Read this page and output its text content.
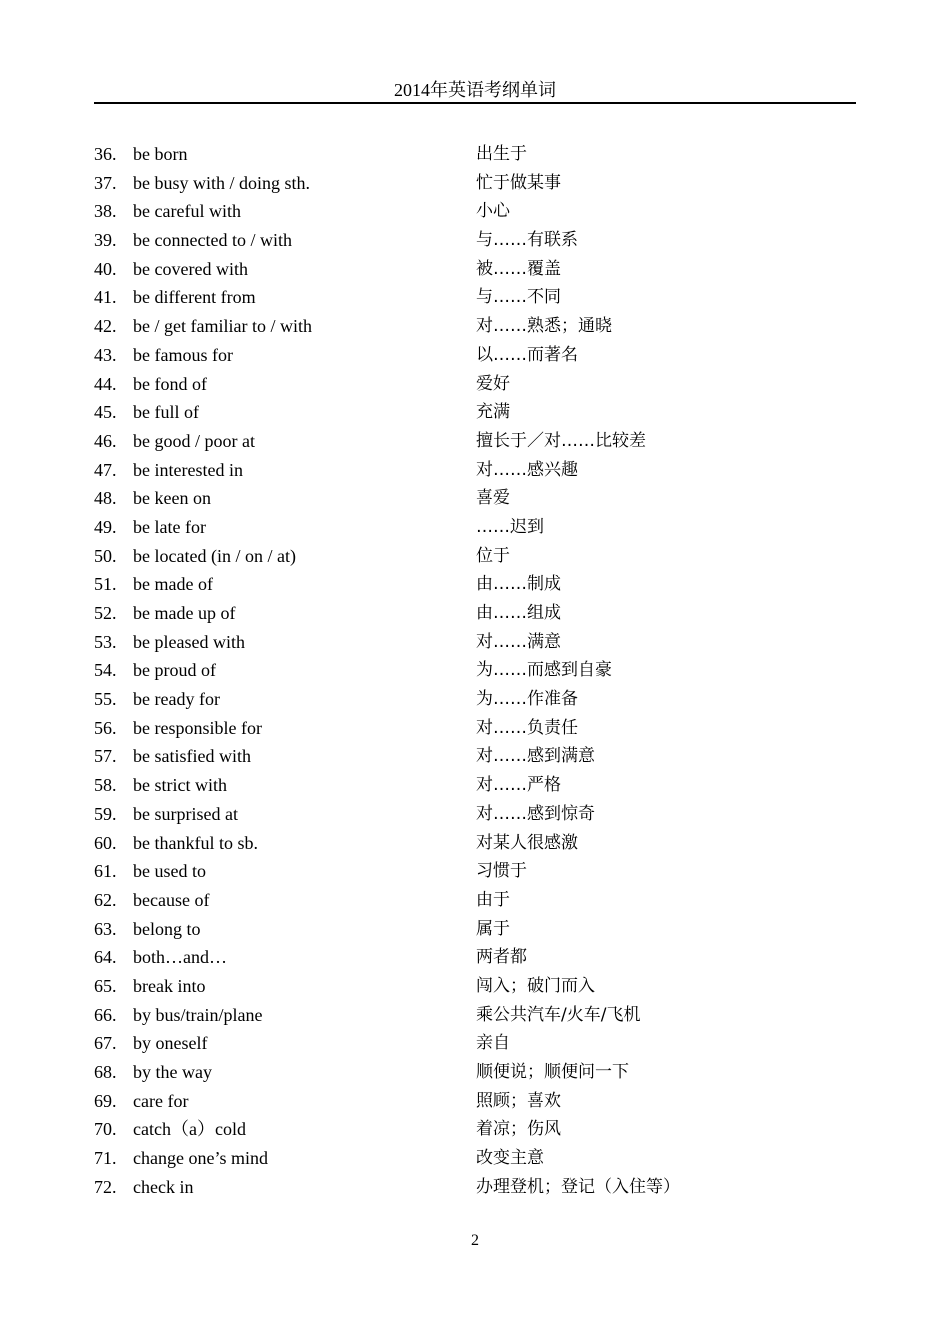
2014年英语考纲单词
36. be born	出生于
37. be busy with / doing sth.	忙于做某事
38. be careful with	小心
39. be connected to / with	与……有联系
40. be covered with	被……覆盖
41. be different from	与……不同
42. be / get familiar to / with	对……熟悉；通晓
43. be famous for	以……而著名
44. be fond of	爱好
45. be full of	充满
46. be good / poor at	擅长于／对……比较差
47. be interested in	对……感兴趣
48. be keen on	喜爱
49. be late for	……迟到
50. be located (in / on / at)	位于
51. be made of	由……制成
52. be made up of	由……组成
53. be pleased with	对……满意
54. be proud of	为……而感到自豪
55. be ready for	为……作准备
56. be responsible for	对……负责任
57. be satisfied with	对……感到满意
58. be strict with	对……严格
59. be surprised at	对……感到惊奇
60. be thankful to sb.	对某人很感激
61. be used to	习惯于
62. because of	由于
63. belong to	属于
64. both…and…	两者都
65. break into	闯入；破门而入
66. by bus/train/plane	乘公共汽车/火车/飞机
67. by oneself	亲自
68. by the way	顺便说；顺便问一下
69. care for	照顾；喜欢
70. catch（a）cold	着凉；伤风
71. change one’s mind	改变主意
72. check in	办理登机；登记（入住等）
2
